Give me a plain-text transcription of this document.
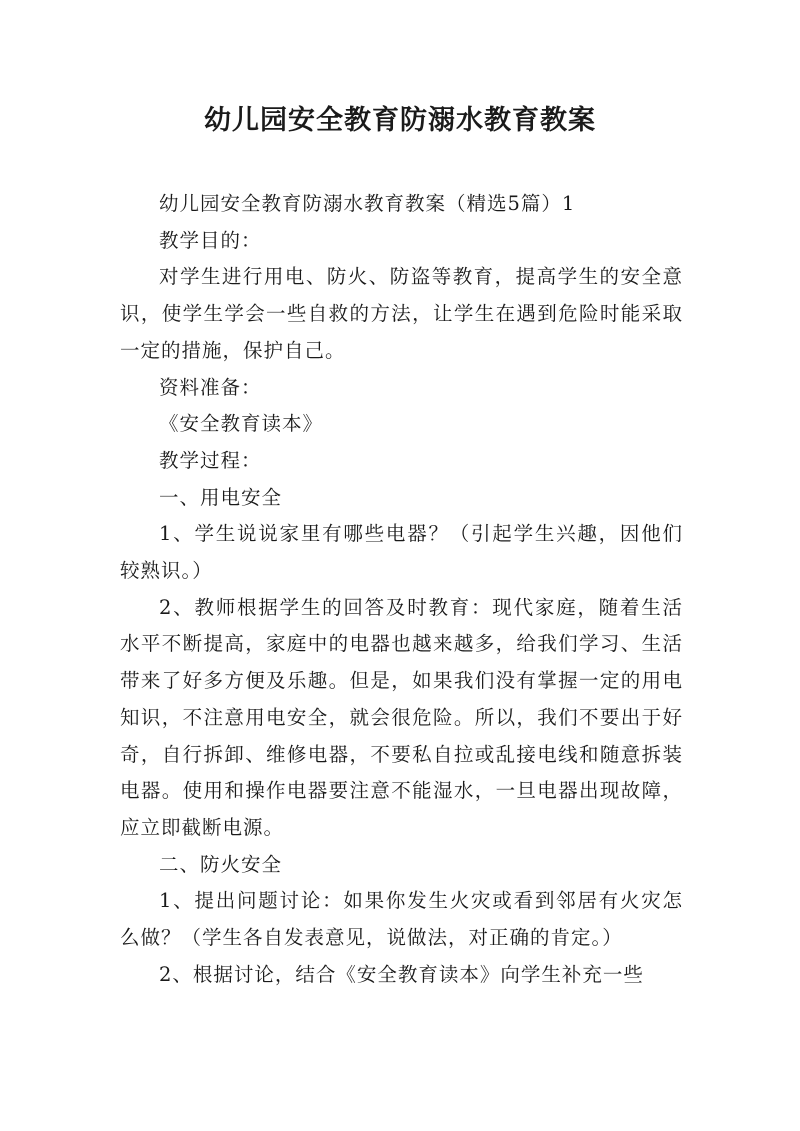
幼儿园安全教育防溺水教育教案

幼儿园安全教育防溺水教育教案（精选5篇）1

教学目的：

对学生进行用电、防火、防盗等教育，提高学生的安全意识，使学生学会一些自救的方法，让学生在遇到危险时能采取一定的措施，保护自己。

资料准备：

《安全教育读本》

教学过程：

一、用电安全

1、学生说说家里有哪些电器？（引起学生兴趣，因他们较熟识。）

2、教师根据学生的回答及时教育：现代家庭，随着生活水平不断提高，家庭中的电器也越来越多，给我们学习、生活带来了好多方便及乐趣。但是，如果我们没有掌握一定的用电知识，不注意用电安全，就会很危险。所以，我们不要出于好奇，自行拆卸、维修电器，不要私自拉或乱接电线和随意拆装电器。使用和操作电器要注意不能湿水，一旦电器出现故障，应立即截断电源。

二、防火安全

1、提出问题讨论：如果你发生火灾或看到邻居有火灾怎么做？（学生各自发表意见，说做法，对正确的肯定。）

2、根据讨论，结合《安全教育读本》向学生补充一些
